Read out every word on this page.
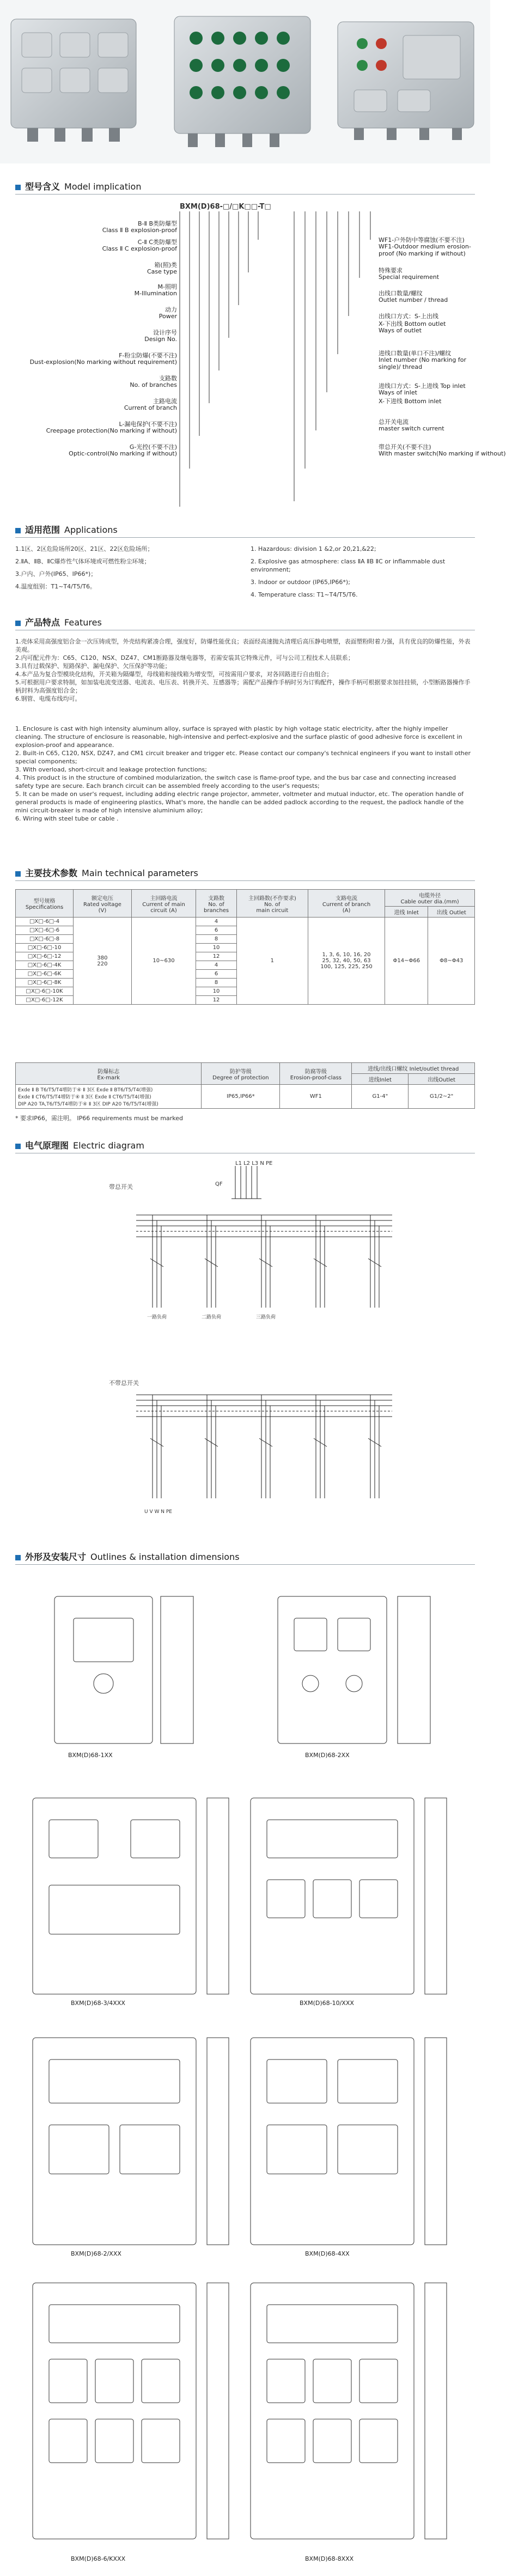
型号含义 Model implication
BXM(D)68-□/□K□□-T□
B-Ⅱ B类防爆型
Class Ⅱ B explosion-proof
C-Ⅱ C类防爆型
Class Ⅱ C explosion-proof
箱(照)类
Case type
M-照明
M-Illumination
动力
Power
设计序号
Design No.
F-粉尘防爆(不要不注)
Dust-explosion(No marking without requirement)
支路数
No. of branches
主路电流
Current of branch
L-漏电保护(不要不注)
Creepage protection(No marking if without)
G-光控(不要不注)
Optic-control(No marking if without)
WF1-户外防中等腐蚀(不要不注)
WF1-Outdoor medium erosion-proof (No marking if without)
特殊要求
Special requirement
出线口数量/螺纹
Outlet number / thread
出线口方式：S-上出线
X-下出线 Bottom outlet
Ways of outlet
进线口数量(单口不注)/螺纹
Inlet number (No marking for single)/ thread
进线口方式：S-上进线 Top inlet
Ways of inlet
X-下进线 Bottom inlet
总开关电流
master switch current
带总开关(不要不注)
With master switch(No marking if without)
适用范围 Applications
1.1区、2区危险场所20区、21区、22区危险场所；
2.ⅡA、ⅡB、ⅡC爆炸性气体环境或可燃性粉尘环境；
3.户内、户外(IP65、IP66*)；
4.温度组别：T1~T4/T5/T6。
1. Hazardous: division 1 &2,or 20,21,&22;
2. Explosive gas atmosphere: class ⅡA ⅡB ⅡC or inflammable dust environment;
3. Indoor or outdoor (IP65,IP66*);
4. Temperature class: T1~T4/T5/T6.
产品特点 Features
1.壳体采用高强度铝合金一次压铸成型，外壳结构紧凑合理，强度好，防爆性能优良；表面经高速抛丸清理后高压静电喷塑，表面塑粉附着力强，具有优良的防爆性能，外表美观。
2.内可配元件为：C65、C120、NSX、DZ47、CM1断路器及继电器等，若需安装其它特殊元件，可与公司工程技术人员联系；
3.具有过载保护、短路保护、漏电保护、欠压保护等功能；
4.本产品为复合型模块化结构，开关箱为隔爆型，母线箱和接线箱为增安型，可按需用户要求，对各回路进行自由组合；
5.可根据用户要求特制，如加装电流变送器、电流表、电压表、转换开关、互感器等；需配产品操作手柄时另为订购配件，操作手柄可根据要求加挂挂锁，小型断路器操作手柄封料为高强度铝合金；
6.钢管、电缆布线均可。
1. Enclosure is cast with high intensity aluminum alloy, surface is sprayed with plastic by high voltage static electricity, after the highly impeller cleaning. The structure of enclosure is reasonable, high-intensive and perfect-explosive and the surface plastic of good adhesive force is excellent in explosion-proof and appearance.
2. Built-in C65, C120, NSX, DZ47, and CM1 circuit breaker and trigger etc. Please contact our company's technical engineers if you want to install other special components;
3. With overload, short-circuit and leakage protection functions;
4. This product is in the structure of combined modularization, the switch case is flame-proof type, and the bus bar case and connecting increased safety type are secure. Each branch circuit can be assembled freely according to the user's requests;
5. It can be made on user's request, including adding electric range projector, ammeter, voltmeter and mutual inductor, etc. The operation handle of general products is made of engineering plastics, What's more, the handle can be added padlock according to the request, the padlock handle of the mini circuit-breaker is made of high intensive aluminium alloy;
6. Wiring with steel tube or cable .
主要技术参数 Main technical parameters
型号规格
Specifications	额定电压
Rated voltage
(V)	主回路电流
Current of main
circuit (A)	支路数
No. of
branches	主回路数(不作要求)
No. of
main circuit	支路电流
Current of branch
(A)	电缆外径
Cable outer dia.(mm)	
						进线 Inlet	出线 Outlet
□X□-6□-4	380
220	10~630	4	1	1, 3, 6, 10, 16, 20
25, 32, 40, 50, 63
100, 125, 225, 250	Φ14~Φ66	Φ8~Φ43
□X□-6□-6			6				
□X□-6□-8			8				
□X□-6□-10			10				
□X□-6□-12			12				
□X□-6□-4K			4				
□X□-6□-6K			6				
□X□-6□-8K			8				
□X□-6□-10K			10				
□X□-6□-12K			12				
防爆标志
Ex-mark	防护等级
Degree of protection	防腐等级
Erosion-proof-class	进线/出线口螺纹 Inlet/outlet thread	
			进线Inlet	出线Outlet

Exde Ⅱ B T6/T5/T4增防于④ Ⅱ 3区 Exde Ⅱ BT6/T5/T4(增强)
Exde Ⅱ CT6/T5/T4增防于④ Ⅱ 3区 Exde Ⅱ CT6/T5/T4(增强)
DIP A20 TA,T6/T5/T4增防于④ Ⅱ 3区 DIP A20 T6/T5/T4(增强)	IP65,IP66*	WF1	G1-4"	G1/2~2"
* 要求IP66，需注明。 IP66 requirements must be marked
电气原理图 Electric diagram
带总开关
L1 L2 L3 N PE
QF
一路负荷	二路负荷	三路负荷
不带总开关
U V W N PE
外形及安装尺寸 Outlines & installation dimensions
BXM(D)68-1XX	BXM(D)68-2XX
BXM(D)68-3/4XXX	BXM(D)68-10/XXX
BXM(D)68-2/XXX	BXM(D)68-4XX
BXM(D)68-6/KXXX	BXM(D)68-8XXX
